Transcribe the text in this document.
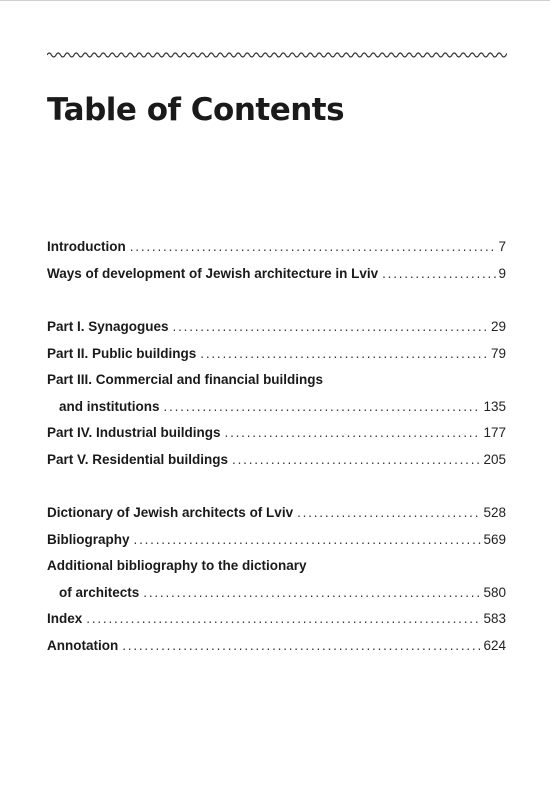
Table of Contents
Introduction .....	7
Ways of development of Jewish architecture in Lviv .....	9
Part I. Synagogues .....	29
Part II. Public buildings .....	79
Part III. Commercial and financial buildings
and institutions .....	135
Part IV. Industrial buildings .....	177
Part V. Residential buildings .....	205
Dictionary of Jewish architects of Lviv .....	528
Bibliography .....	569
Additional bibliography to the dictionary
of architects .....	580
Index .....	583
Annotation .....	624
